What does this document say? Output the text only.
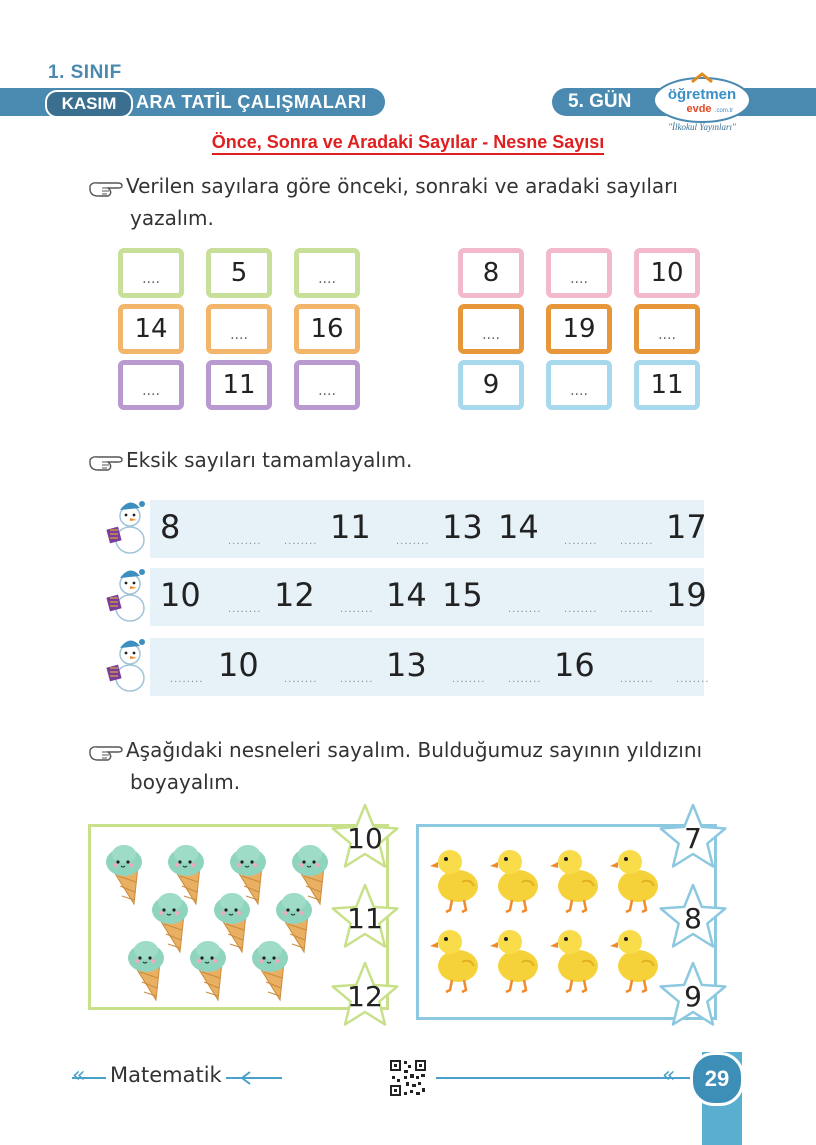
1. SINIF
KASIM	ARA TATİL ÇALIŞMALARI	5. GÜN öğretmen
evde .com.tr
"İlkokul Yayınları"
Önce, Sonra ve Aradaki Sayılar - Nesne Sayısı
Verilen sayılara göre önceki, sonraki ve aradaki sayıları
yazalım.
....	5	....
14	....	16
....	11	....
8	....	10
....	19	....
9	....	11
Eksik sayıları tamamlayalım.
8	........ ........ 11	........ 13 14	........ ........ 17
10	........ 12	........ 14 15	........ ........ ........ 19
........ 10	........ ........ 13	........ ........ 16	........ ........
Aşağıdaki nesneleri sayalım. Bulduğumuz sayının yıldızını
boyayalım.
10
11
12
7
8
9
« Matematik	«	29
